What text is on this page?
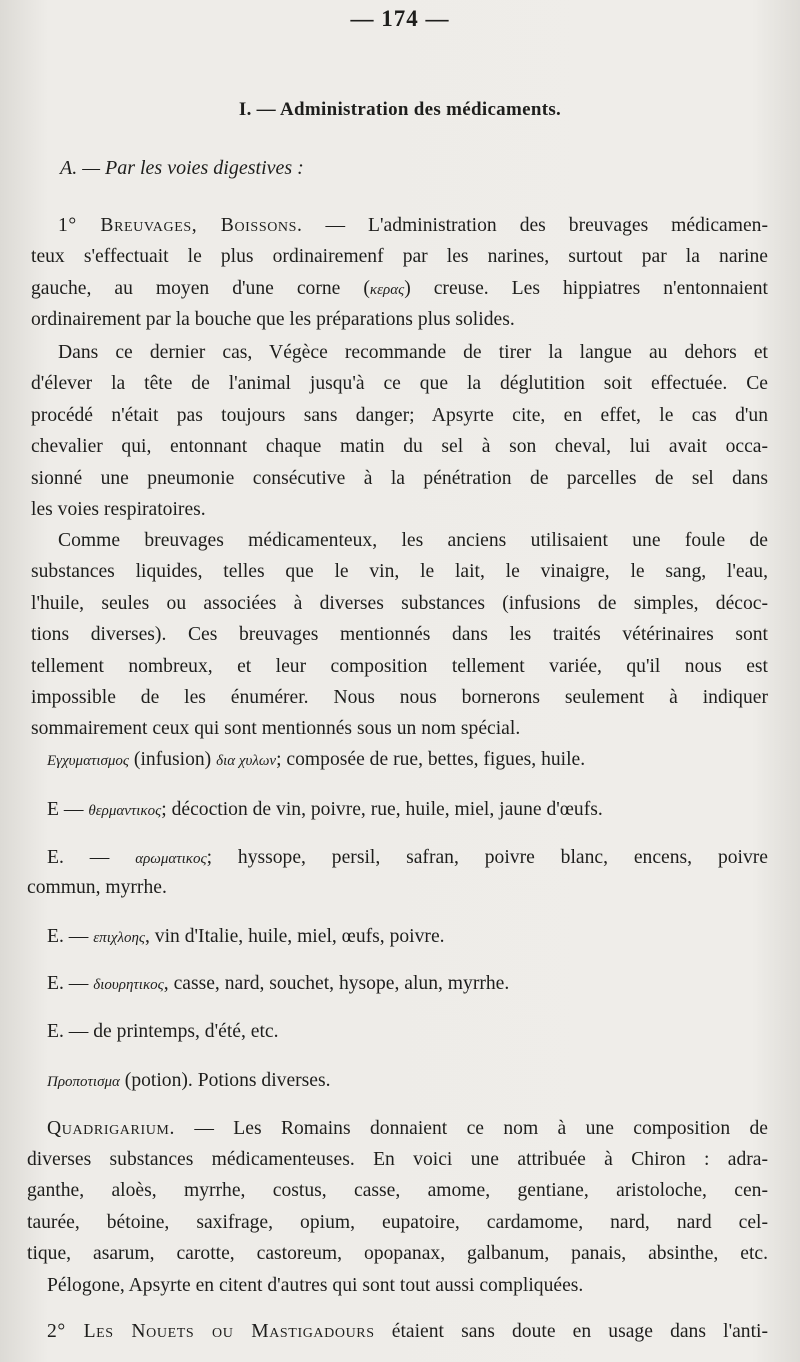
— 174 —
I. — Administration des médicaments.
A. — Par les voies digestives :
1° Breuvages, Boissons. — L'administration des breuvages médicamen-
teux s'effectuait le plus ordinairemenf par les narines, surtout par la narine
gauche, au moyen d'une corne (κερας) creuse. Les hippiatres n'entonnaient
ordinairement par la bouche que les préparations plus solides.
Dans ce dernier cas, Végèce recommande de tirer la langue au dehors et
d'élever la tête de l'animal jusqu'à ce que la déglutition soit effectuée. Ce
procédé n'était pas toujours sans danger; Apsyrte cite, en effet, le cas d'un
chevalier qui, entonnant chaque matin du sel à son cheval, lui avait occa-
sionné une pneumonie consécutive à la pénétration de parcelles de sel dans
les voies respiratoires.
Comme breuvages médicamenteux, les anciens utilisaient une foule de
substances liquides, telles que le vin, le lait, le vinaigre, le sang, l'eau,
l'huile, seules ou associées à diverses substances (infusions de simples, décoc-
tions diverses). Ces breuvages mentionnés dans les traités vétérinaires sont
tellement nombreux, et leur composition tellement variée, qu'il nous est
impossible de les énumérer. Nous nous bornerons seulement à indiquer
sommairement ceux qui sont mentionnés sous un nom spécial.
Εγχυματισμος (infusion) δια χυλων; composée de rue, bettes, figues, huile.
E — θερμαντικος; décoction de vin, poivre, rue, huile, miel, jaune d'œufs.
E. — αρωματικος; hyssope, persil, safran, poivre blanc, encens, poivre
commun, myrrhe.
E. — επιχλοης, vin d'Italie, huile, miel, œufs, poivre.
E. — διουρητικος, casse, nard, souchet, hysope, alun, myrrhe.
E. — de printemps, d'été, etc.
Προποτισμα (potion). Potions diverses.
Quadrigarium. — Les Romains donnaient ce nom à une composition de
diverses substances médicamenteuses. En voici une attribuée à Chiron : adra-
ganthe, aloès, myrrhe, costus, casse, amome, gentiane, aristoloche, cen-
taurée, bétoine, saxifrage, opium, eupatoire, cardamome, nard, nard cel-
tique, asarum, carotte, castoreum, opopanax, galbanum, panais, absinthe, etc.
Pélogone, Apsyrte en citent d'autres qui sont tout aussi compliquées.
2° Les Nouets ou Mastigadours étaient sans doute en usage dans l'anti-
